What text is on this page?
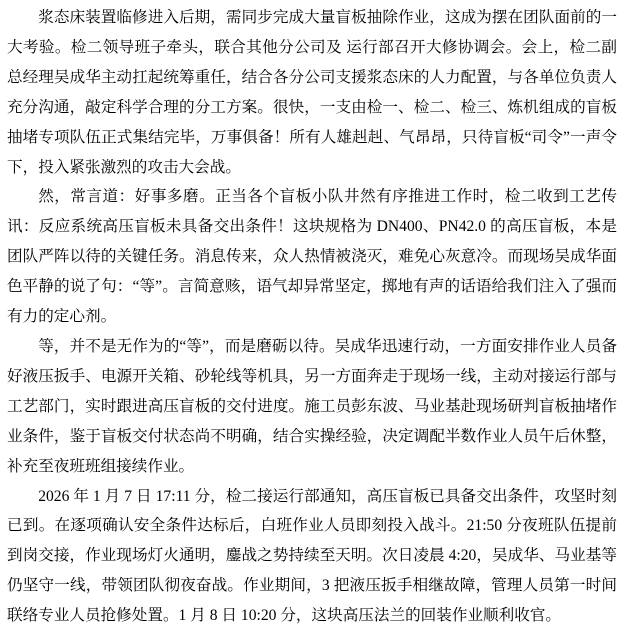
浆态床装置临修进入后期，需同步完成大量盲板抽除作业，这成为摆在团队面前的一大考验。检二领导班子牵头，联合其他分公司及 运行部召开大修协调会。会上，检二副总经理吴成华主动扛起统筹重任，结合各分公司支援浆态床的人力配置，与各单位负责人充分沟通，敲定科学合理的分工方案。很快，一支由检一、检二、检三、炼机组成的盲板抽堵专项队伍正式集结完毕，万事俱备！所有人雄赳赳、气昂昂，只待盲板“司令”一声令下，投入紧张激烈的攻击大会战。

然，常言道：好事多磨。正当各个盲板小队井然有序推进工作时，检二收到工艺传讯：反应系统高压盲板未具备交出条件！这块规格为 DN400、PN42.0 的高压盲板，本是团队严阵以待的关键任务。消息传来，众人热情被浇灭，难免心灰意冷。而现场吴成华面色平静的说了句：“等”。言简意赅，语气却异常坚定，掷地有声的话语给我们注入了强而有力的定心剂。

等，并不是无作为的“等”，而是磨砺以待。吴成华迅速行动，一方面安排作业人员备好液压扳手、电源开关箱、砂轮线等机具，另一方面奔走于现场一线，主动对接运行部与工艺部门，实时跟进高压盲板的交付进度。施工员彭东波、马业基赴现场研判盲板抽堵作业条件，鉴于盲板交付状态尚不明确，结合实操经验，决定调配半数作业人员午后休整，补充至夜班班组接续作业。

2026 年 1 月 7 日 17:11 分，检二接运行部通知，高压盲板已具备交出条件，攻坚时刻已到。在逐项确认安全条件达标后，白班作业人员即刻投入战斗。21:50 分夜班队伍提前到岗交接，作业现场灯火通明，鏖战之势持续至天明。次日凌晨 4:20，吴成华、马业基等仍坚守一线，带领团队彻夜奋战。作业期间，3 把液压扳手相继故障，管理人员第一时间联络专业人员抢修处置。1 月 8 日 10:20 分，这块高压法兰的回装作业顺利收官。
